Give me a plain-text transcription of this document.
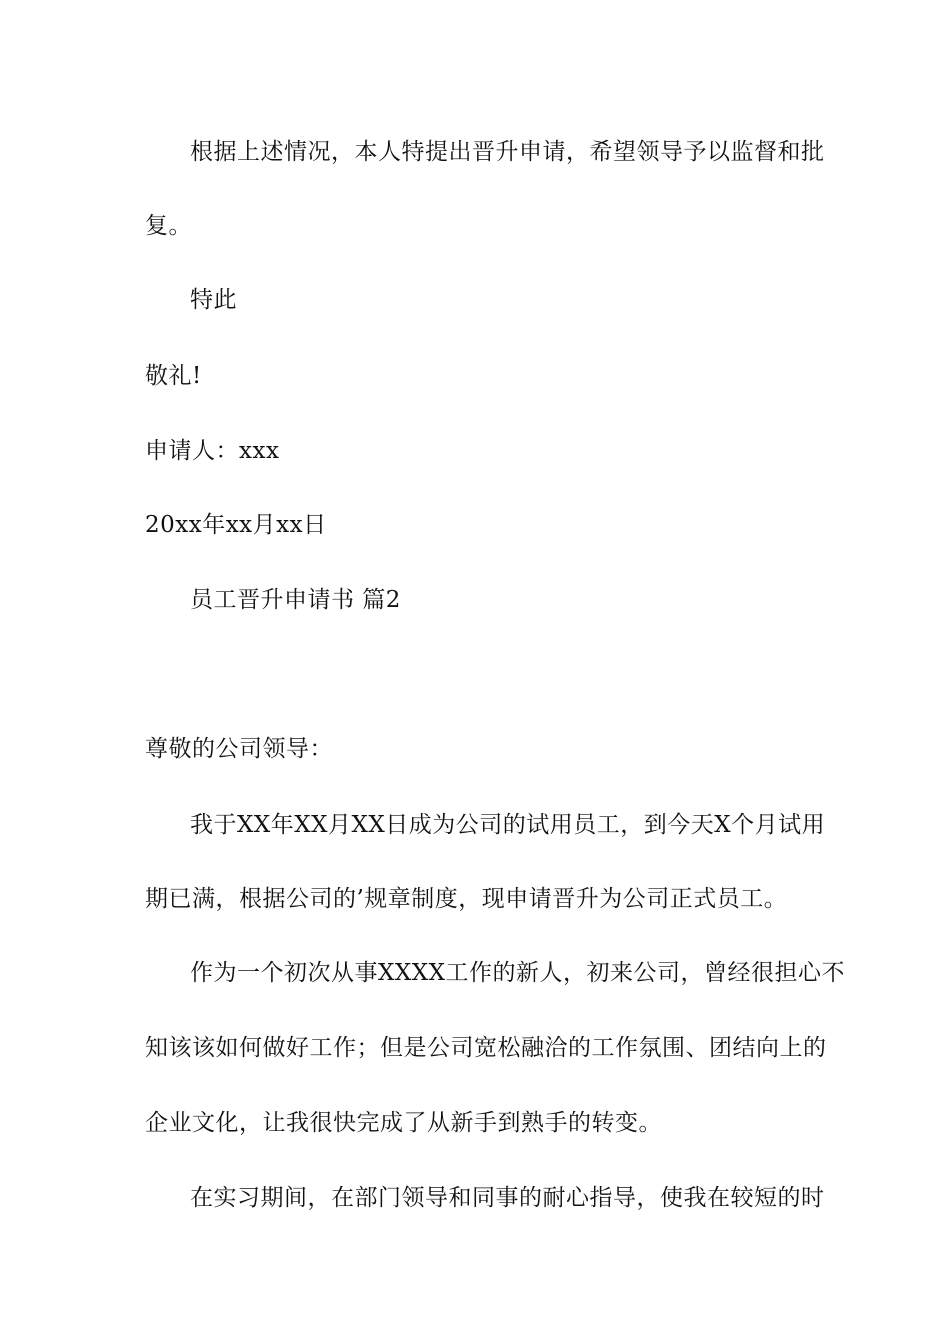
根据上述情况，本人特提出晋升申请，希望领导予以监督和批
复。
特此
敬礼!
申请人：xxx
20xx年xx月xx日
员工晋升申请书 篇2
尊敬的公司领导：
我于XX年XX月XX日成为公司的试用员工，到今天X个月试用
期已满，根据公司的’规章制度，现申请晋升为公司正式员工。
作为一个初次从事XXXX工作的新人，初来公司，曾经很担心不
知该该如何做好工作；但是公司宽松融洽的工作氛围、团结向上的
企业文化，让我很快完成了从新手到熟手的转变。
在实习期间，在部门领导和同事的耐心指导，使我在较短的时
